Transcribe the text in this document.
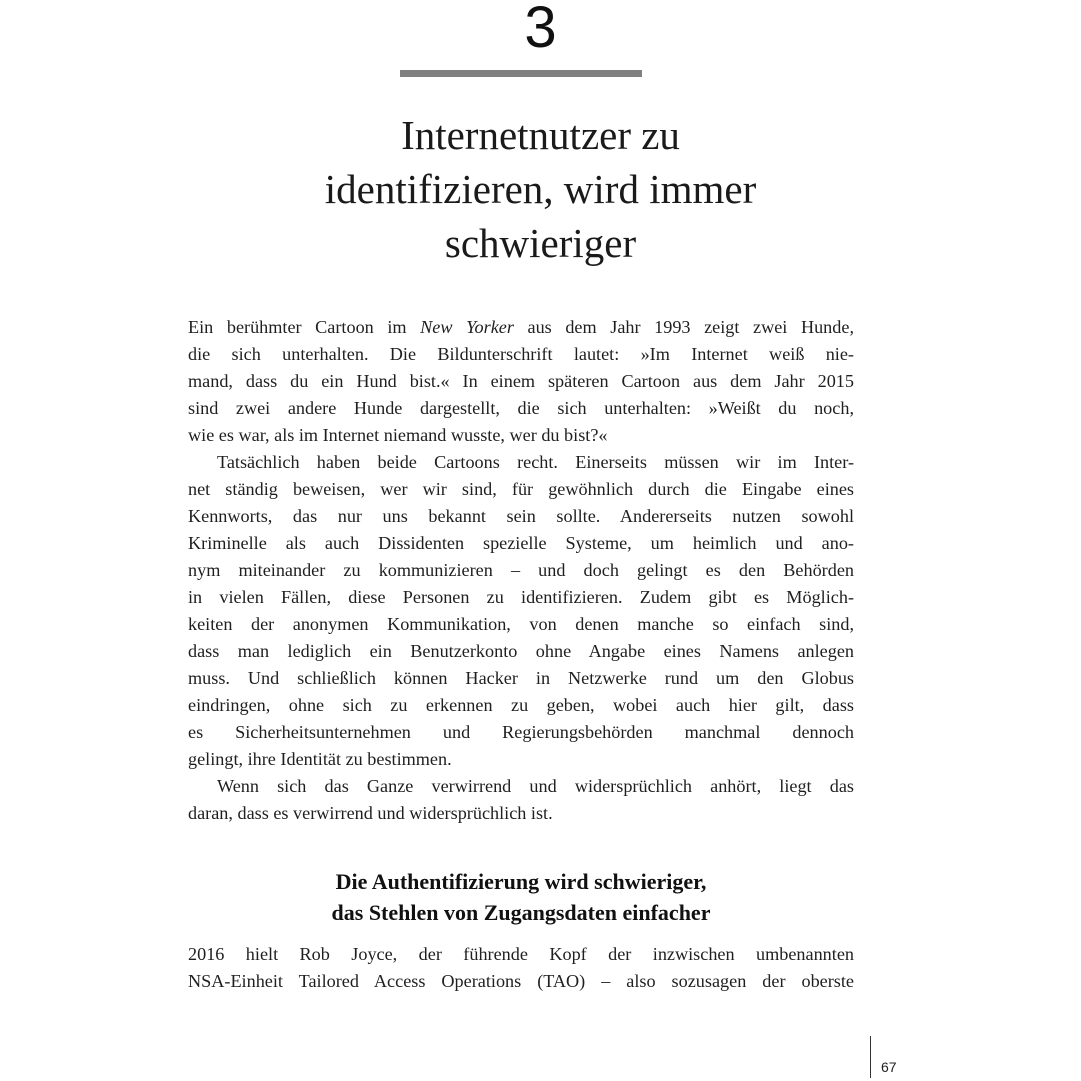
3
Internetnutzer zu
identifizieren, wird immer
schwieriger
Ein berühmter Cartoon im New Yorker aus dem Jahr 1993 zeigt zwei Hunde,
die sich unterhalten. Die Bildunterschrift lautet: »Im Internet weiß nie-
mand, dass du ein Hund bist.« In einem späteren Cartoon aus dem Jahr 2015
sind zwei andere Hunde dargestellt, die sich unterhalten: »Weißt du noch,
wie es war, als im Internet niemand wusste, wer du bist?«
Tatsächlich haben beide Cartoons recht. Einerseits müssen wir im Inter-
net ständig beweisen, wer wir sind, für gewöhnlich durch die Eingabe eines
Kennworts, das nur uns bekannt sein sollte. Andererseits nutzen sowohl
Kriminelle als auch Dissidenten spezielle Systeme, um heimlich und ano-
nym miteinander zu kommunizieren – und doch gelingt es den Behörden
in vielen Fällen, diese Personen zu identifizieren. Zudem gibt es Möglich-
keiten der anonymen Kommunikation, von denen manche so einfach sind,
dass man lediglich ein Benutzerkonto ohne Angabe eines Namens anlegen
muss. Und schließlich können Hacker in Netzwerke rund um den Globus
eindringen, ohne sich zu erkennen zu geben, wobei auch hier gilt, dass
es Sicherheitsunternehmen und Regierungsbehörden manchmal dennoch
gelingt, ihre Identität zu bestimmen.
Wenn sich das Ganze verwirrend und widersprüchlich anhört, liegt das
daran, dass es verwirrend und widersprüchlich ist.
Die Authentifizierung wird schwieriger,
das Stehlen von Zugangsdaten einfacher
2016 hielt Rob Joyce, der führende Kopf der inzwischen umbenannten
NSA-Einheit Tailored Access Operations (TAO) – also sozusagen der oberste
67
